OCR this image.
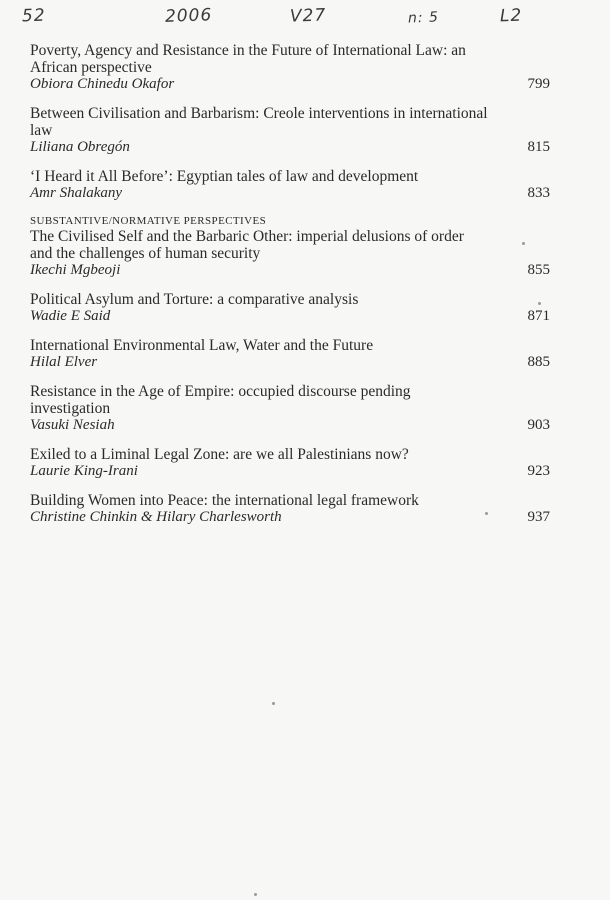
52	2006	V27	n: 5	L2
Poverty, Agency and Resistance in the Future of International Law: an African perspective
Obiora Chinedu Okafor	799
Between Civilisation and Barbarism: Creole interventions in international law
Liliana Obregón	815
‘I Heard it All Before’: Egyptian tales of law and development
Amr Shalakany	833
SUBSTANTIVE/NORMATIVE PERSPECTIVES
The Civilised Self and the Barbaric Other: imperial delusions of order and the challenges of human security
Ikechi Mgbeoji	855
Political Asylum and Torture: a comparative analysis
Wadie E Said	871
International Environmental Law, Water and the Future
Hilal Elver	885
Resistance in the Age of Empire: occupied discourse pending investigation
Vasuki Nesiah	903
Exiled to a Liminal Legal Zone: are we all Palestinians now?
Laurie King-Irani	923
Building Women into Peace: the international legal framework
Christine Chinkin & Hilary Charlesworth	937
